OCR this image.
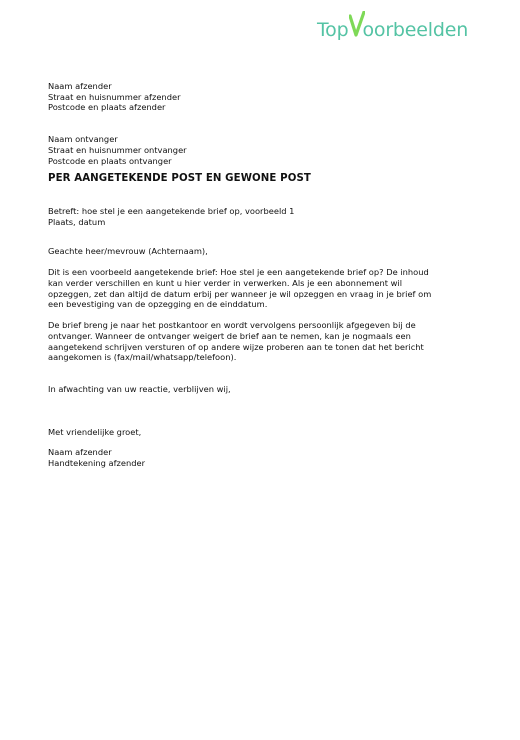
Top oorbeelden
Naam afzender
Straat en huisnummer afzender
Postcode en plaats afzender
Naam ontvanger
Straat en huisnummer ontvanger
Postcode en plaats ontvanger
PER AANGETEKENDE POST EN GEWONE POST
Betreft: hoe stel je een aangetekende brief op, voorbeeld 1
Plaats, datum
Geachte heer/mevrouw (Achternaam),
Dit is een voorbeeld aangetekende brief: Hoe stel je een aangetekende brief op? De inhoud
kan verder verschillen en kunt u hier verder in verwerken. Als je een abonnement wil
opzeggen, zet dan altijd de datum erbij per wanneer je wil opzeggen en vraag in je brief om
een bevestiging van de opzegging en de einddatum.
De brief breng je naar het postkantoor en wordt vervolgens persoonlijk afgegeven bij de
ontvanger. Wanneer de ontvanger weigert de brief aan te nemen, kan je nogmaals een
aangetekend schrijven versturen of op andere wijze proberen aan te tonen dat het bericht
aangekomen is (fax/mail/whatsapp/telefoon).
In afwachting van uw reactie, verblijven wij,
Met vriendelijke groet,
Naam afzender
Handtekening afzender
